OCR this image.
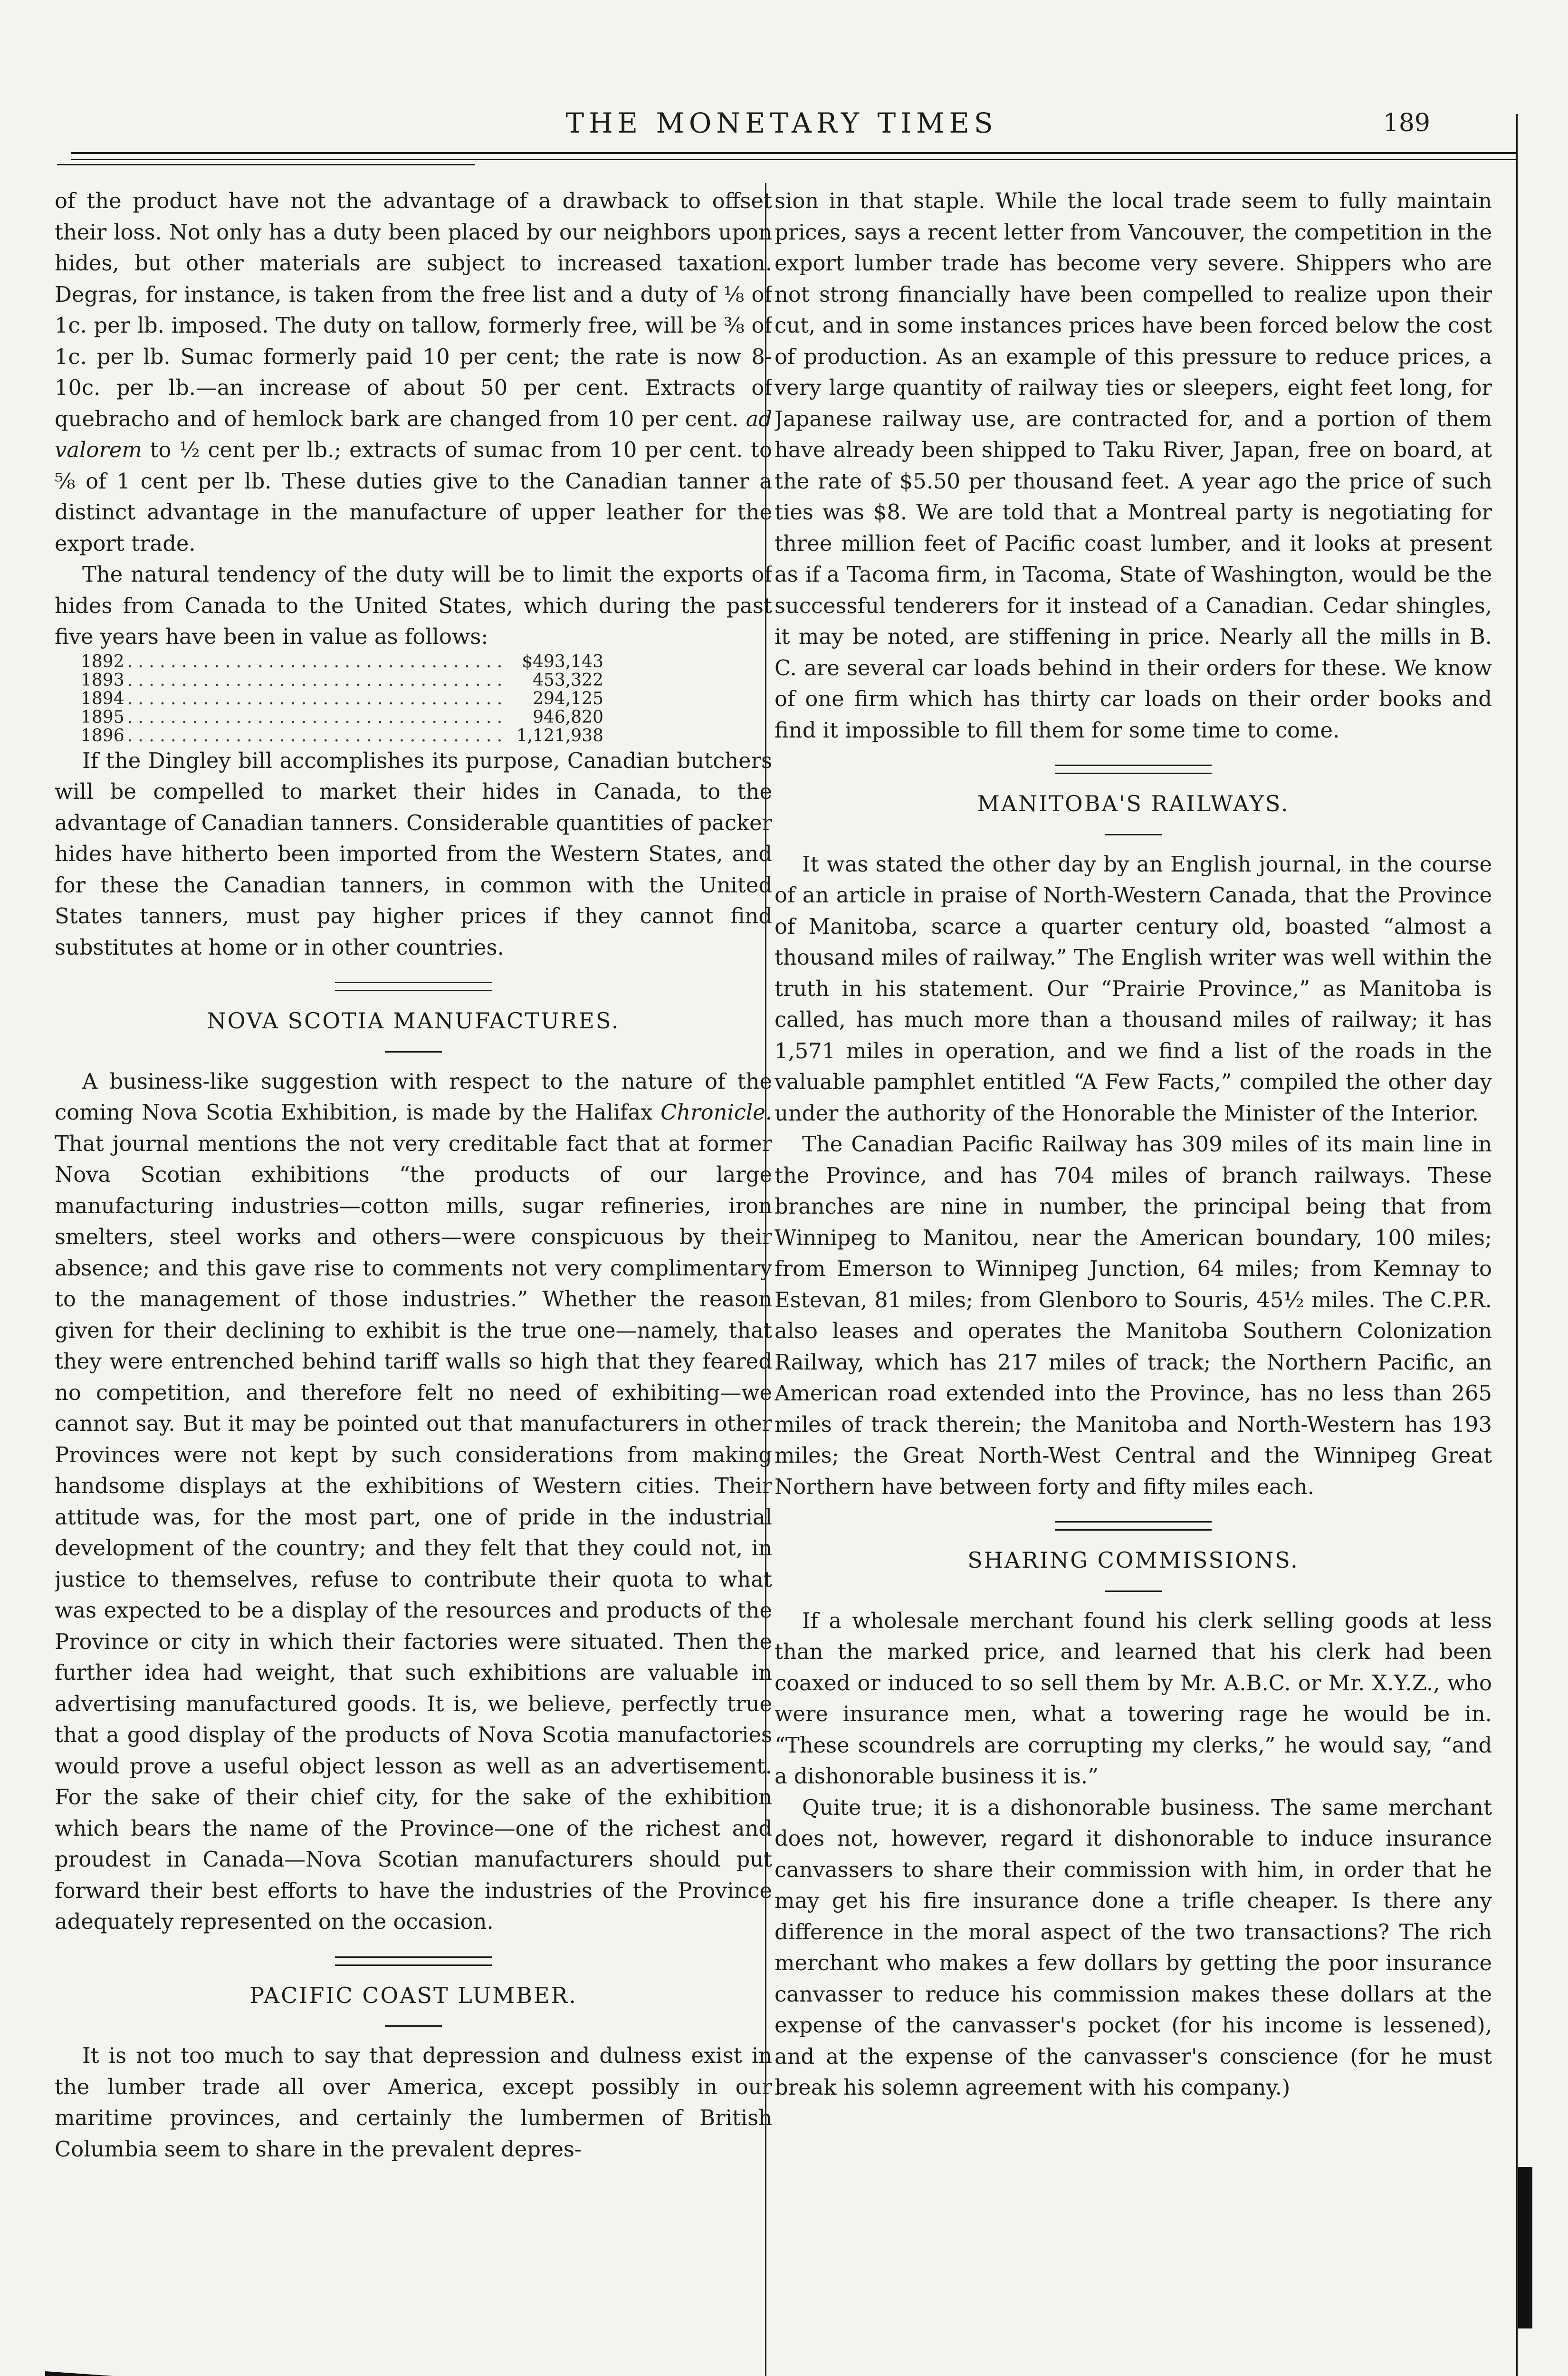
THE MONETARY TIMES	189

of the product have not the advantage of a drawback to offset their loss. Not only has a duty been placed by our neighbors upon hides, but other materials are subject to increased taxation. Degras, for instance, is taken from the free list and a duty of ⅛ of 1c. per lb. imposed. The duty on tallow, formerly free, will be ⅜ of 1c. per lb. Sumac formerly paid 10 per cent; the rate is now 8-10c. per lb.—an increase of about 50 per cent. Extracts of quebracho and of hemlock bark are changed from 10 per cent. ad valorem to ½ cent per lb.; extracts of sumac from 10 per cent. to ⅝ of 1 cent per lb. These duties give to the Canadian tanner a distinct advantage in the manufacture of upper leather for the export trade.

The natural tendency of the duty will be to limit the exports of hides from Canada to the United States, which during the past five years have been in value as follows:

1892 . . .	$493,143
1893 . . .	453,322
1894 . . .	294,125
1895 . . .	946,820
1896 . . .	1,121,938

If the Dingley bill accomplishes its purpose, Canadian butchers will be compelled to market their hides in Canada, to the advantage of Canadian tanners. Considerable quantities of packer hides have hitherto been imported from the Western States, and for these the Canadian tanners, in common with the United States tanners, must pay higher prices if they cannot find substitutes at home or in other countries.

NOVA SCOTIA MANUFACTURES.

A business-like suggestion with respect to the nature of the coming Nova Scotia Exhibition, is made by the Halifax Chronicle. That journal mentions the not very creditable fact that at former Nova Scotian exhibitions “the products of our large manufacturing industries—cotton mills, sugar refineries, iron smelters, steel works and others—were conspicuous by their absence; and this gave rise to comments not very complimentary to the management of those industries.” Whether the reason given for their declining to exhibit is the true one—namely, that they were entrenched behind tariff walls so high that they feared no competition, and therefore felt no need of exhibiting—we cannot say. But it may be pointed out that manufacturers in other Provinces were not kept by such considerations from making handsome displays at the exhibitions of Western cities. Their attitude was, for the most part, one of pride in the industrial development of the country; and they felt that they could not, in justice to themselves, refuse to contribute their quota to what was expected to be a display of the resources and products of the Province or city in which their factories were situated. Then the further idea had weight, that such exhibitions are valuable in advertising manufactured goods. It is, we believe, perfectly true that a good display of the products of Nova Scotia manufactories would prove a useful object lesson as well as an advertisement. For the sake of their chief city, for the sake of the exhibition which bears the name of the Province—one of the richest and proudest in Canada—Nova Scotian manufacturers should put forward their best efforts to have the industries of the Province adequately represented on the occasion.

PACIFIC COAST LUMBER.

It is not too much to say that depression and dulness exist in the lumber trade all over America, except possibly in our maritime provinces, and certainly the lumbermen of British Columbia seem to share in the prevalent depres-

sion in that staple. While the local trade seem to fully maintain prices, says a recent letter from Vancouver, the competition in the export lumber trade has become very severe. Shippers who are not strong financially have been compelled to realize upon their cut, and in some instances prices have been forced below the cost of production. As an example of this pressure to reduce prices, a very large quantity of railway ties or sleepers, eight feet long, for Japanese railway use, are contracted for, and a portion of them have already been shipped to Taku River, Japan, free on board, at the rate of $5.50 per thousand feet. A year ago the price of such ties was $8. We are told that a Montreal party is negotiating for three million feet of Pacific coast lumber, and it looks at present as if a Tacoma firm, in Tacoma, State of Washington, would be the successful tenderers for it instead of a Canadian. Cedar shingles, it may be noted, are stiffening in price. Nearly all the mills in B. C. are several car loads behind in their orders for these. We know of one firm which has thirty car loads on their order books and find it impossible to fill them for some time to come.

MANITOBA'S RAILWAYS.

It was stated the other day by an English journal, in the course of an article in praise of North-Western Canada, that the Province of Manitoba, scarce a quarter century old, boasted “almost a thousand miles of railway.” The English writer was well within the truth in his statement. Our “Prairie Province,” as Manitoba is called, has much more than a thousand miles of railway; it has 1,571 miles in operation, and we find a list of the roads in the valuable pamphlet entitled “A Few Facts,” compiled the other day under the authority of the Honorable the Minister of the Interior.

The Canadian Pacific Railway has 309 miles of its main line in the Province, and has 704 miles of branch railways. These branches are nine in number, the principal being that from Winnipeg to Manitou, near the American boundary, 100 miles; from Emerson to Winnipeg Junction, 64 miles; from Kemnay to Estevan, 81 miles; from Glenboro to Souris, 45½ miles. The C.P.R. also leases and operates the Manitoba Southern Colonization Railway, which has 217 miles of track; the Northern Pacific, an American road extended into the Province, has no less than 265 miles of track therein; the Manitoba and North-Western has 193 miles; the Great North-West Central and the Winnipeg Great Northern have between forty and fifty miles each.

SHARING COMMISSIONS.

If a wholesale merchant found his clerk selling goods at less than the marked price, and learned that his clerk had been coaxed or induced to so sell them by Mr. A.B.C. or Mr. X.Y.Z., who were insurance men, what a towering rage he would be in. “These scoundrels are corrupting my clerks,” he would say, “and a dishonorable business it is.”

Quite true; it is a dishonorable business. The same merchant does not, however, regard it dishonorable to induce insurance canvassers to share their commission with him, in order that he may get his fire insurance done a trifle cheaper. Is there any difference in the moral aspect of the two transactions? The rich merchant who makes a few dollars by getting the poor insurance canvasser to reduce his commission makes these dollars at the expense of the canvasser's pocket (for his income is lessened), and at the expense of the canvasser's conscience (for he must break his solemn agreement with his company.)
